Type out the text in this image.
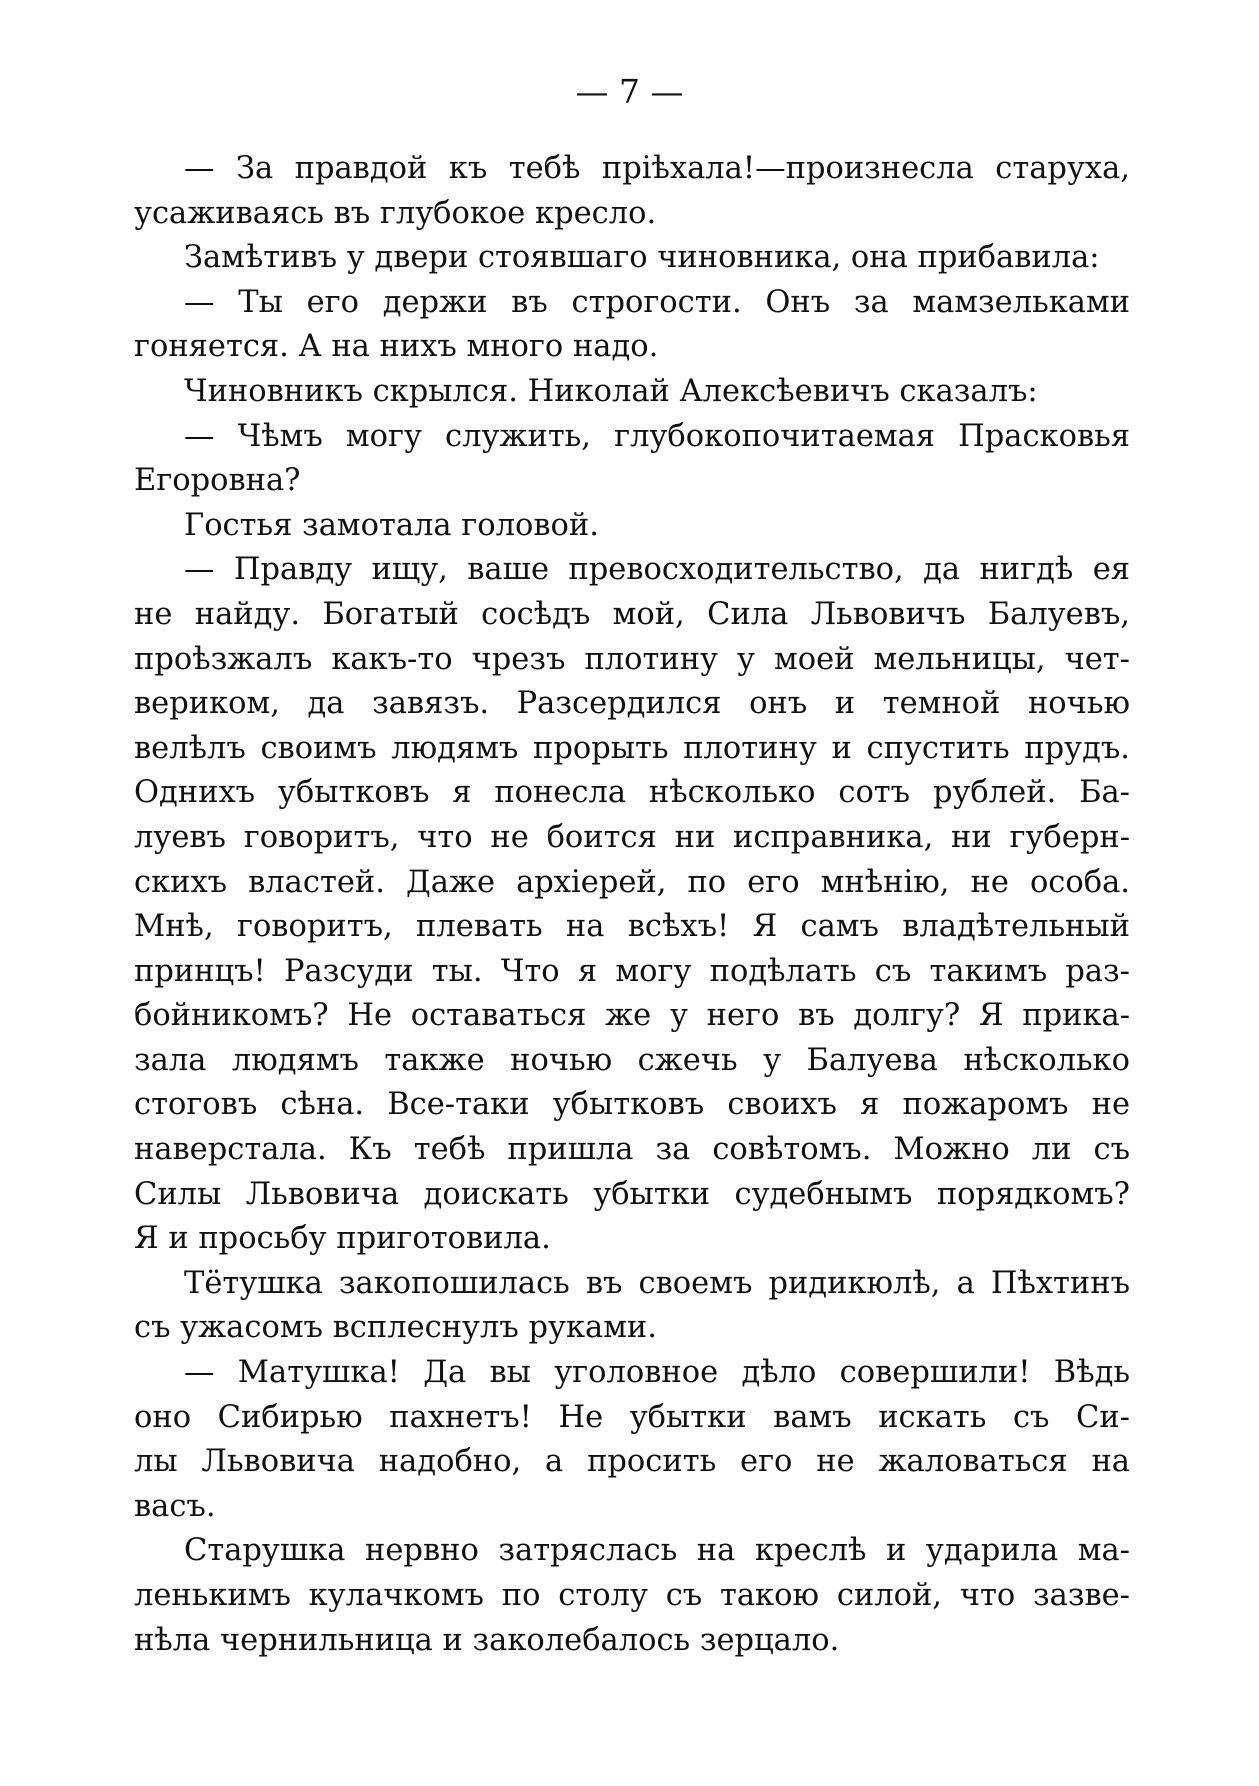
— 7 —
— За правдой къ тебѣ пріѣхала!—произнесла старуха,
усаживаясь въ глубокое кресло.
Замѣтивъ у двери стоявшаго чиновника, она прибавила:
— Ты его держи въ строгости. Онъ за мамзельками
гоняется. А на нихъ много надо.
Чиновникъ скрылся. Николай Алексѣевичъ сказалъ:
— Чѣмъ могу служить, глубокопочитаемая Прасковья
Егоровна?
Гостья замотала головой.
— Правду ищу, ваше превосходительство, да нигдѣ ея
не найду. Богатый сосѣдъ мой, Сила Львовичъ Балуевъ,
проѣзжалъ какъ-то чрезъ плотину у моей мельницы, чет-
вериком, да завязъ. Разсердился онъ и темной ночью
велѣлъ своимъ людямъ прорыть плотину и спустить прудъ.
Однихъ убытковъ я понесла нѣсколько сотъ рублей. Ба-
луевъ говоритъ, что не боится ни исправника, ни губерн-
скихъ властей. Даже архіерей, по его мнѣнію, не особа.
Мнѣ, говоритъ, плевать на всѣхъ! Я самъ владѣтельный
принцъ! Разсуди ты. Что я могу подѣлать съ такимъ раз-
бойникомъ? Не оставаться же у него въ долгу? Я прика-
зала людямъ также ночью сжечь у Балуева нѣсколько
стоговъ сѣна. Все-таки убытковъ своихъ я пожаромъ не
наверстала. Къ тебѣ пришла за совѣтомъ. Можно ли съ
Силы Львовича доискать убытки судебнымъ порядкомъ?
Я и просьбу приготовила.
Тётушка закопошилась въ своемъ ридикюлѣ, а Пѣхтинъ
съ ужасомъ всплеснулъ руками.
— Матушка! Да вы уголовное дѣло совершили! Вѣдь
оно Сибирью пахнетъ! Не убытки вамъ искать съ Си-
лы Львовича надобно, а просить его не жаловаться на
васъ.
Старушка нервно затряслась на креслѣ и ударила ма-
ленькимъ кулачкомъ по столу съ такою силой, что зазве-
нѣла чернильница и заколебалось зерцало.
